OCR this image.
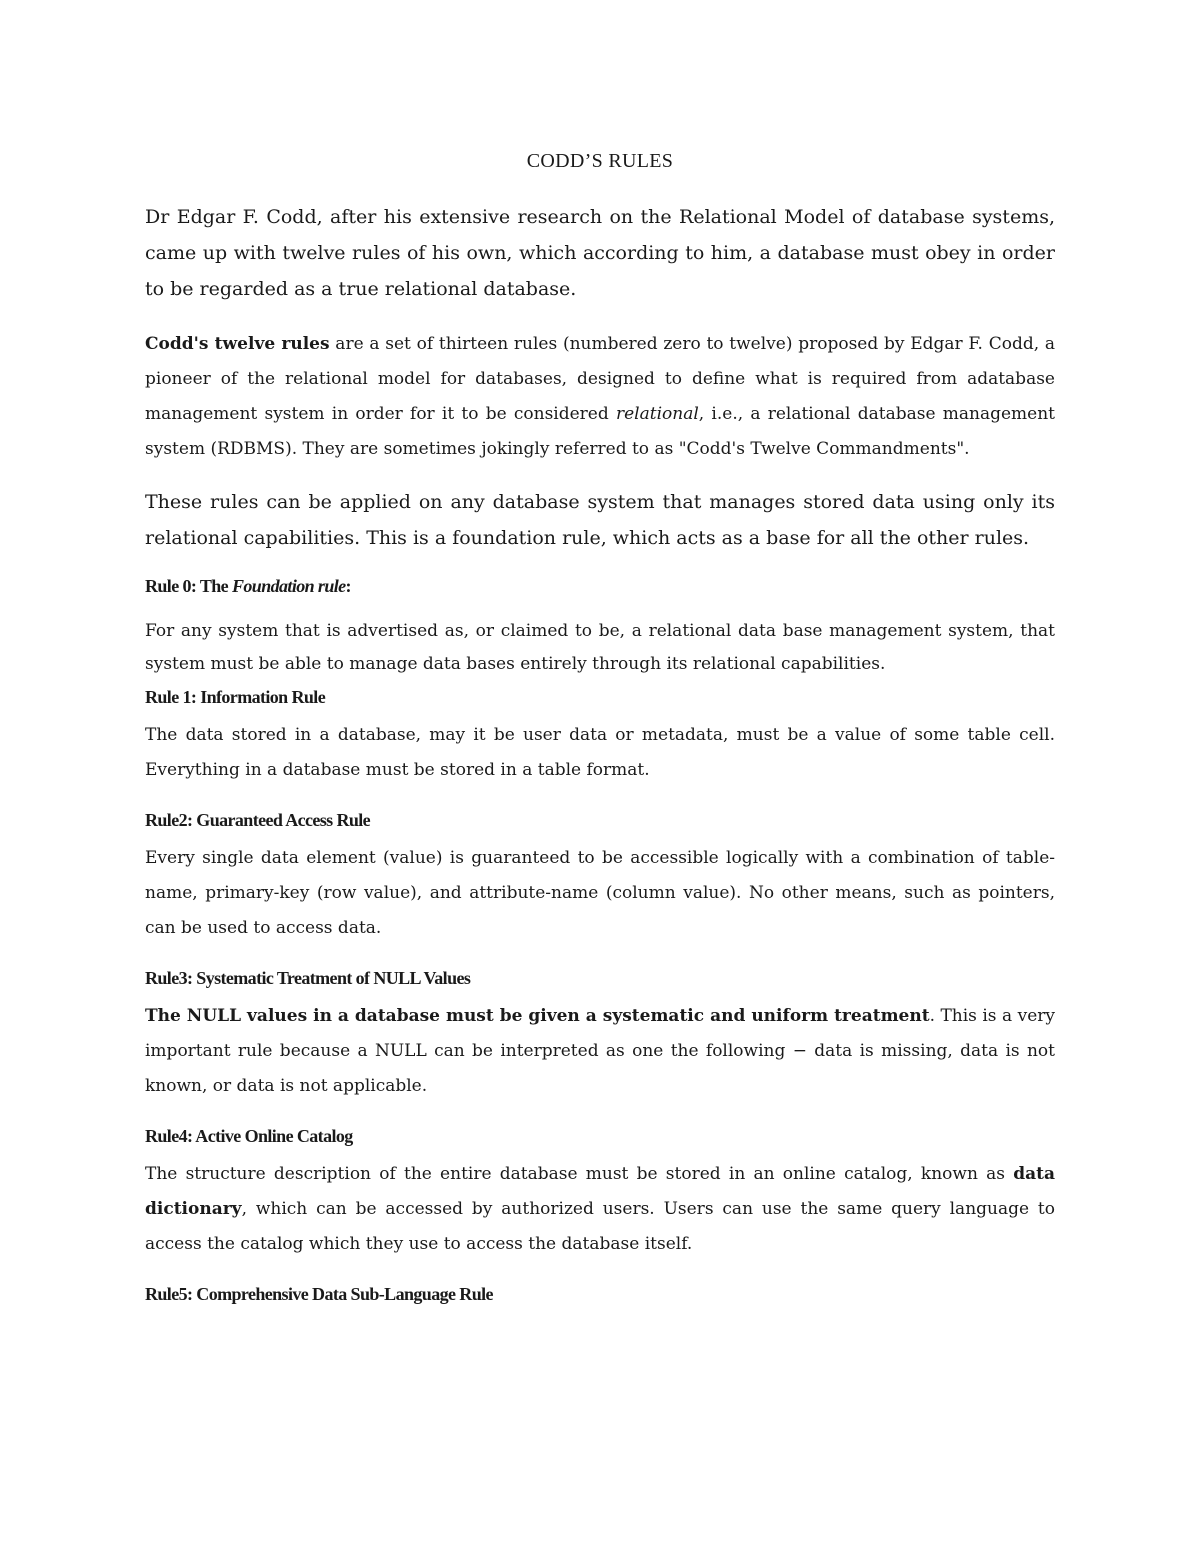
CODD’S RULES

Dr Edgar F. Codd, after his extensive research on the Relational Model of database systems, came up with twelve rules of his own, which according to him, a database must obey in order to be regarded as a true relational database.

Codd's twelve rules are a set of thirteen rules (numbered zero to twelve) proposed by Edgar F. Codd, a pioneer of the relational model for databases, designed to define what is required from adatabase management system in order for it to be considered relational, i.e., a relational database management system (RDBMS). They are sometimes jokingly referred to as "Codd's Twelve Commandments".

These rules can be applied on any database system that manages stored data using only its relational capabilities. This is a foundation rule, which acts as a base for all the other rules.

Rule 0: The Foundation rule:

For any system that is advertised as, or claimed to be, a relational data base management system, that system must be able to manage data bases entirely through its relational capabilities.

Rule 1: Information Rule

The data stored in a database, may it be user data or metadata, must be a value of some table cell. Everything in a database must be stored in a table format.

Rule2: Guaranteed Access Rule

Every single data element (value) is guaranteed to be accessible logically with a combination of table-name, primary-key (row value), and attribute-name (column value). No other means, such as pointers, can be used to access data.

Rule3: Systematic Treatment of NULL Values

The NULL values in a database must be given a systematic and uniform treatment. This is a very important rule because a NULL can be interpreted as one the following − data is missing, data is not known, or data is not applicable.

Rule4: Active Online Catalog

The structure description of the entire database must be stored in an online catalog, known as data dictionary, which can be accessed by authorized users. Users can use the same query language to access the catalog which they use to access the database itself.

Rule5: Comprehensive Data Sub-Language Rule
